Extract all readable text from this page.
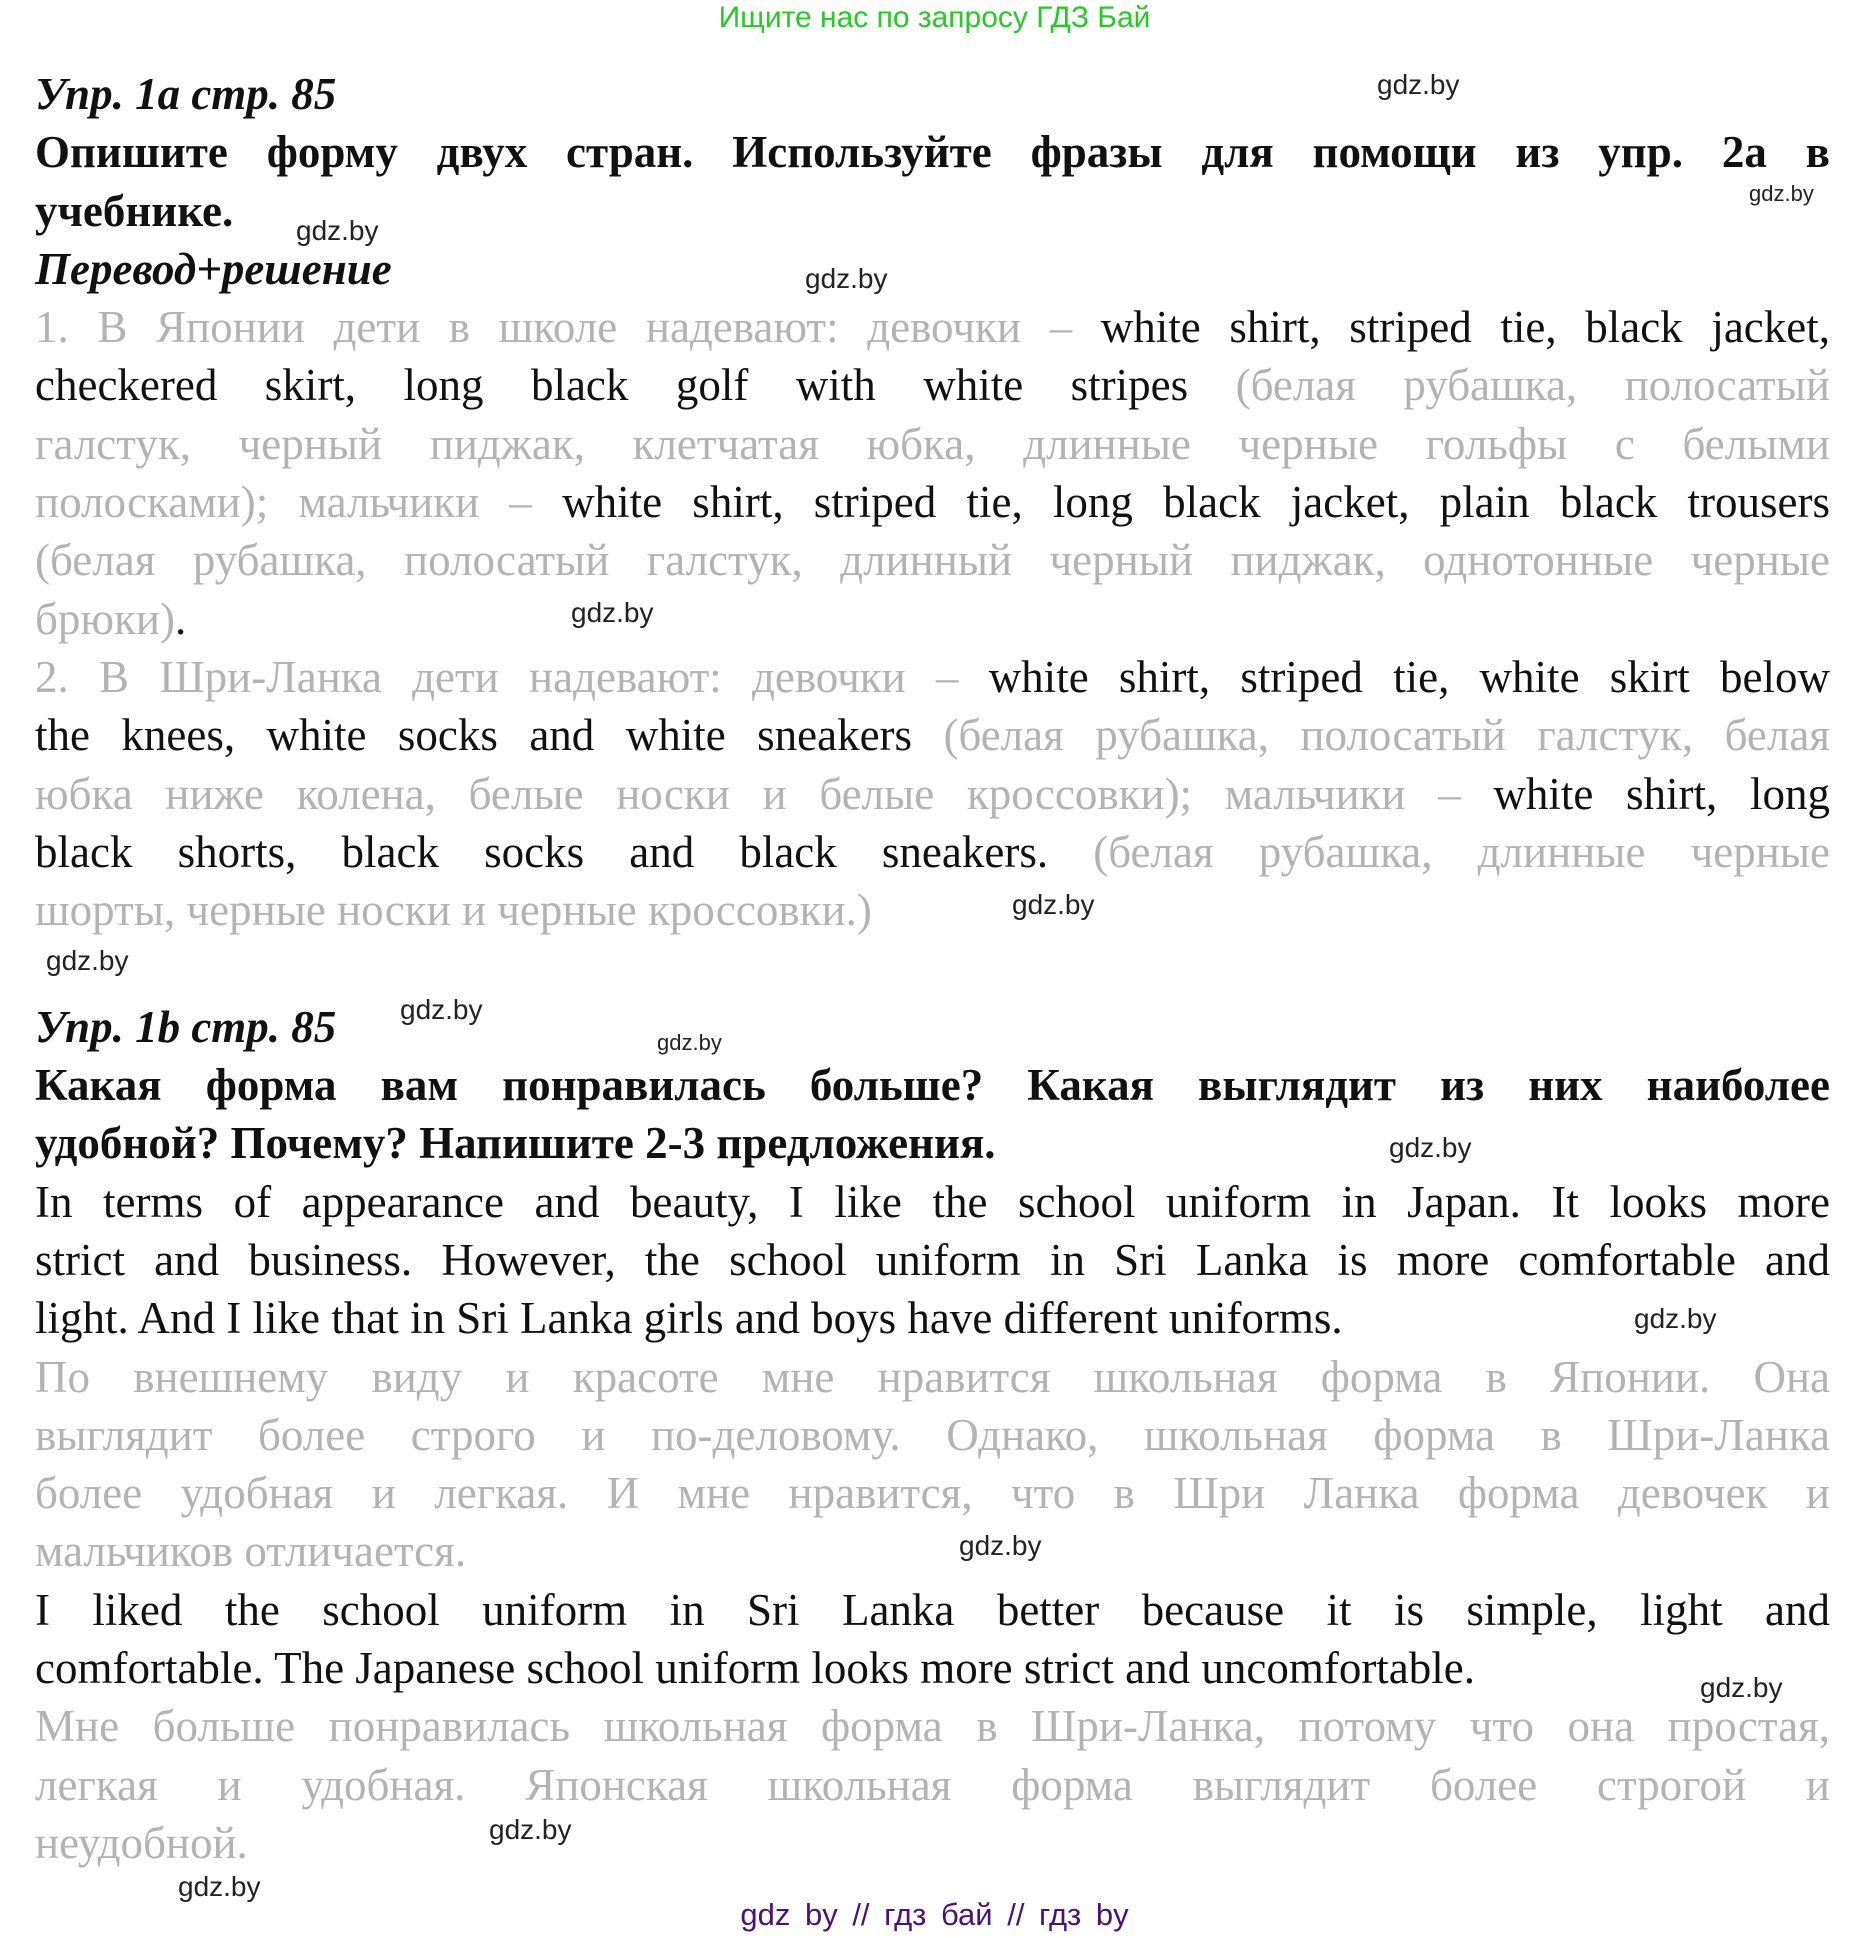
Ищите нас по запросу ГДЗ Бай
Упр. 1a стр. 85
Опишите форму двух стран. Используйте фразы для помощи из упр. 2a в
учебнике.
Перевод+решение
1. В Японии дети в школе надевают: девочки – white shirt, striped tie, black jacket,
checkered skirt, long black golf with white stripes (белая рубашка, полосатый
галстук, черный пиджак, клетчатая юбка, длинные черные гольфы с белыми
полосками); мальчики – white shirt, striped tie, long black jacket, plain black trousers
(белая рубашка, полосатый галстук, длинный черный пиджак, однотонные черные
брюки).
2. В Шри-Ланка дети надевают: девочки – white shirt, striped tie, white skirt below
the knees, white socks and white sneakers (белая рубашка, полосатый галстук, белая
юбка ниже колена, белые носки и белые кроссовки); мальчики – white shirt, long
black shorts, black socks and black sneakers. (белая рубашка, длинные черные
шорты, черные носки и черные кроссовки.)

Упр. 1b стр. 85
Какая форма вам понравилась больше? Какая выглядит из них наиболее
удобной? Почему? Напишите 2-3 предложения.
In terms of appearance and beauty, I like the school uniform in Japan. It looks more
strict and business. However, the school uniform in Sri Lanka is more comfortable and
light. And I like that in Sri Lanka girls and boys have different uniforms.
По внешнему виду и красоте мне нравится школьная форма в Японии. Она
выглядит более строго и по-деловому. Однако, школьная форма в Шри-Ланка
более удобная и легкая. И мне нравится, что в Шри Ланка форма девочек и
мальчиков отличается.
I liked the school uniform in Sri Lanka better because it is simple, light and
comfortable. The Japanese school uniform looks more strict and uncomfortable.
Мне больше понравилась школьная форма в Шри-Ланка, потому что она простая,
легкая и удобная. Японская школьная форма выглядит более строгой и
неудобной.
gdz.by
gdz.by
gdz.by
gdz.by
gdz.by
gdz.by
gdz.by
gdz.by
gdz.by
gdz.by
gdz.by
gdz.by
gdz.by
gdz.by
gdz.by
gdz by // гдз бай // гдз by
